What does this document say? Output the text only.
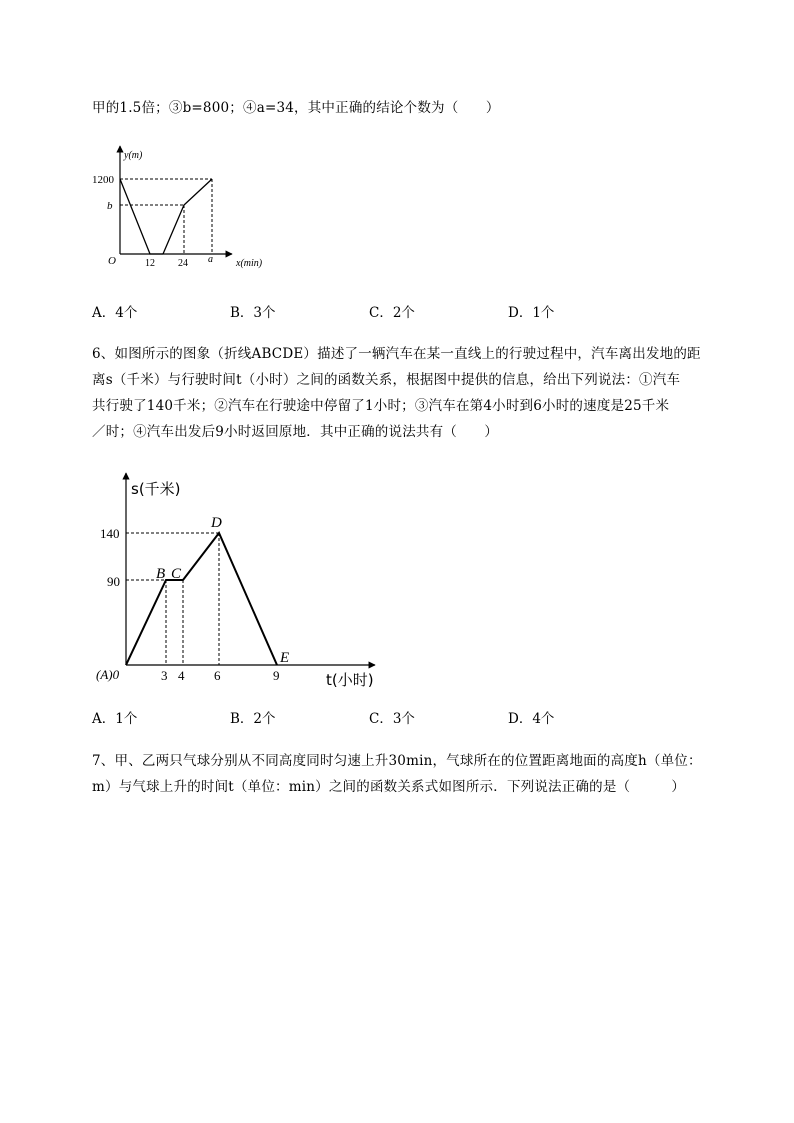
甲的1.5倍；③b=800；④a=34，其中正确的结论个数为（　　）
y(m)
x(min)
O
1200
b
12 24 a
s(千米)
t(小时)
(A)0
140
90
3 4 6	9
B C
D
E
A．4个	B．3个	C．2个	D．1个
6、如图所示的图象（折线ABCDE）描述了一辆汽车在某一直线上的行驶过程中，汽车离出发地的距
离s（千米）与行驶时间t（小时）之间的函数关系，根据图中提供的信息，给出下列说法：①汽车
共行驶了140千米；②汽车在行驶途中停留了1小时；③汽车在第4小时到6小时的速度是25千米
／时；④汽车出发后9小时返回原地．其中正确的说法共有（　　）
A．1个	B．2个	C．3个	D．4个
7、甲、乙两只气球分别从不同高度同时匀速上升30min，气球所在的位置距离地面的高度h（单位：
m）与气球上升的时间t（单位：min）之间的函数关系式如图所示．下列说法正确的是（　　　）
